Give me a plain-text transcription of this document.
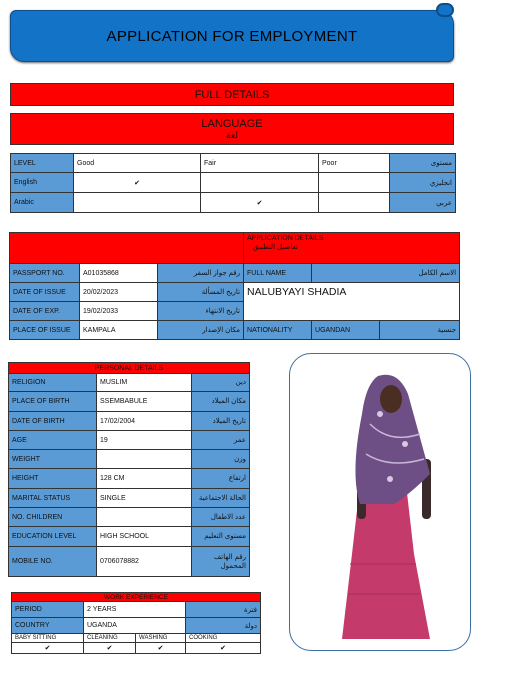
APPLICATION FOR EMPLOYMENT
FULL DETAILS
LANGUAGE
لغة
LEVEL	Good	Fair	Poor	مستوى
English	✔			انجليزي
Arabic		✔		عربي

			APPLICATION DETAILS
تفاصيل التطبيق		

PASSPORT NO.	A01035868	رقم جواز السفر	FULL NAME	الاسم الكامل	
DATE OF ISSUE	20/02/2023	تاريخ المسألة	NALUBYAYI SHADIA		
DATE OF EXP.	19/02/2033	تاريخ الانتهاء			
PLACE OF ISSUE	KAMPALA	مكان الإصدار	NATIONALITY	UGANDAN	جنسية
PERSONAL DETAILS		
RELIGION	MUSLIM	دين
PLACE OF BIRTH	SSEMBABULE	مكان الميلاد
DATE OF BIRTH	17/02/2004	تاريخ الميلاد
AGE	19	عمر
WEIGHT		وزن
HEIGHT	128 CM	ارتفاع
MARITAL STATUS	SINGLE	الحالة الاجتماعية
NO. CHILDREN		عدد الاطفال
EDUCATION LEVEL	HIGH SCHOOL	مستوى التعليم
MOBILE NO.	0706078882	رقم الهاتف المحمول
WORK EXPERIENCE			
PERIOD	2 YEARS		فترة
COUNTRY	UGANDA		دولة
BABY SITTING	CLEANING	WASHING	COOKING
✔	✔	✔	✔
